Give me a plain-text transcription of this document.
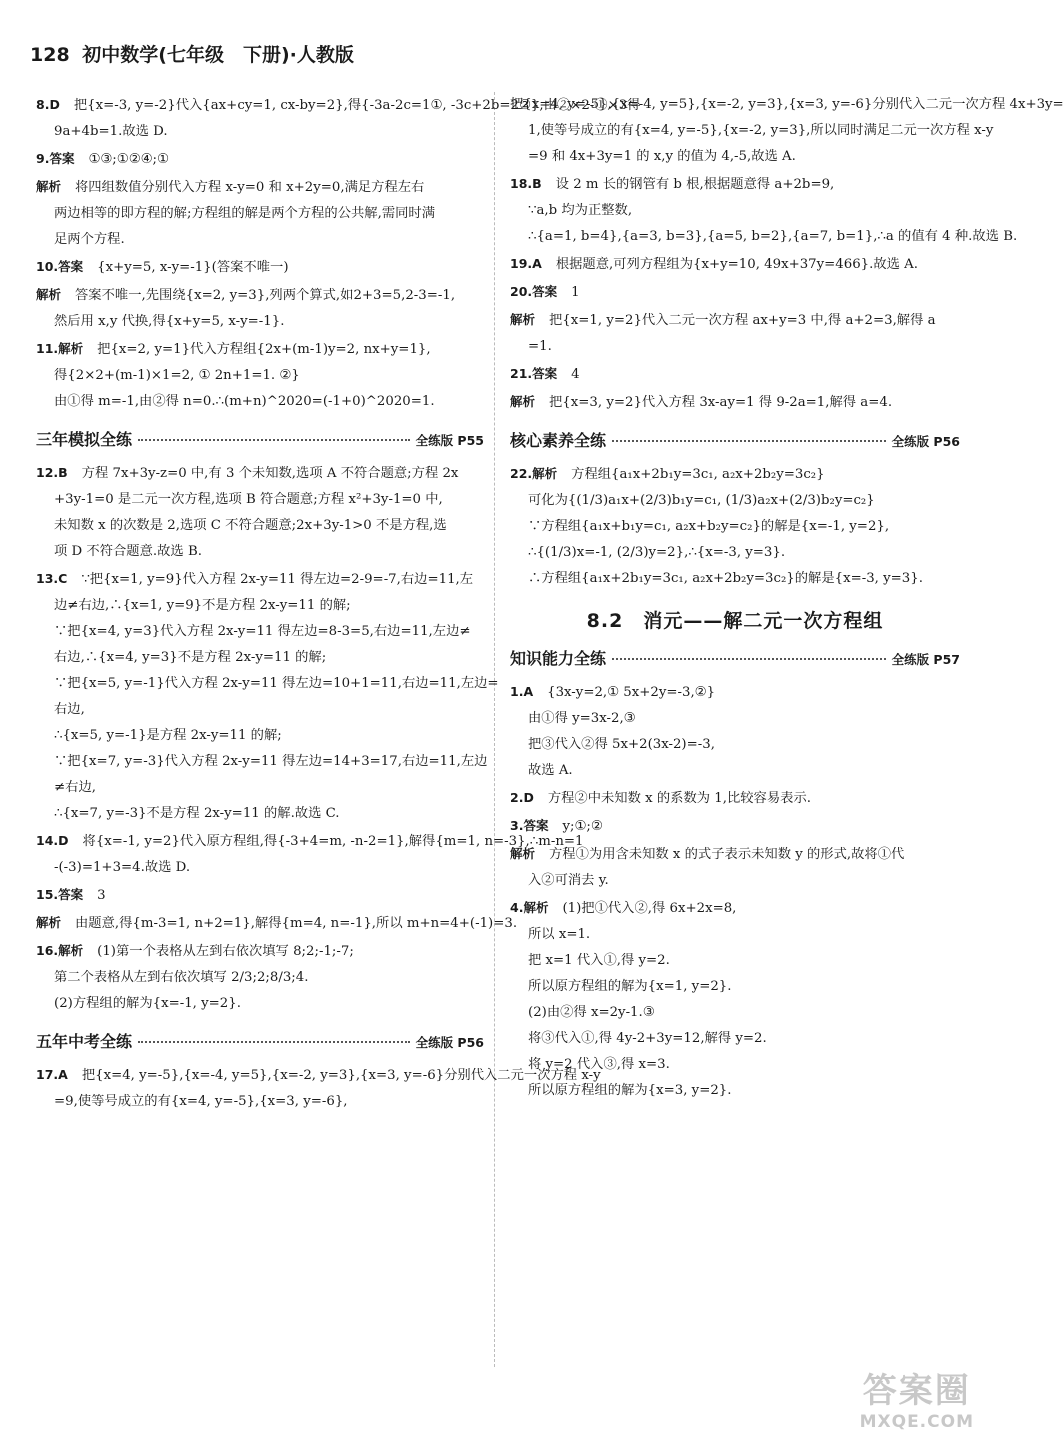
128 初中数学(七年级　下册)·人教版
8.D 把{x=-3, y=-2}代入{ax+cy=1, cx-by=2},得{-3a-2c=1①, -3c+2b=2②},由②×2-①×3得
9a+4b=1.故选 D.
9.答案 ①③;①②④;①
解析 将四组数值分别代入方程 x-y=0 和 x+2y=0,满足方程左右
两边相等的即方程的解;方程组的解是两个方程的公共解,需同时满
足两个方程.
10.答案 {x+y=5, x-y=-1}(答案不唯一)
解析 答案不唯一,先围绕{x=2, y=3},列两个算式,如2+3=5,2-3=-1,
然后用 x,y 代换,得{x+y=5, x-y=-1}.
11.解析 把{x=2, y=1}代入方程组{2x+(m-1)y=2, nx+y=1},
得{2×2+(m-1)×1=2, ① 2n+1=1. ②}
由①得 m=-1,由②得 n=0.∴(m+n)^2020=(-1+0)^2020=1.
三年模拟全练	全练版 P55
12.B 方程 7x+3y-z=0 中,有 3 个未知数,选项 A 不符合题意;方程 2x
+3y-1=0 是二元一次方程,选项 B 符合题意;方程 x²+3y-1=0 中,
未知数 x 的次数是 2,选项 C 不符合题意;2x+3y-1>0 不是方程,选
项 D 不符合题意.故选 B.
13.C ∵把{x=1, y=9}代入方程 2x-y=11 得左边=2-9=-7,右边=11,左
边≠右边,∴{x=1, y=9}不是方程 2x-y=11 的解;
∵把{x=4, y=3}代入方程 2x-y=11 得左边=8-3=5,右边=11,左边≠
右边,∴{x=4, y=3}不是方程 2x-y=11 的解;
∵把{x=5, y=-1}代入方程 2x-y=11 得左边=10+1=11,右边=11,左边=
右边,
∴{x=5, y=-1}是方程 2x-y=11 的解;
∵把{x=7, y=-3}代入方程 2x-y=11 得左边=14+3=17,右边=11,左边
≠右边,
∴{x=7, y=-3}不是方程 2x-y=11 的解.故选 C.
14.D 将{x=-1, y=2}代入原方程组,得{-3+4=m, -n-2=1},解得{m=1, n=-3},∴m-n=1
-(-3)=1+3=4.故选 D.
15.答案 3
解析 由题意,得{m-3=1, n+2=1},解得{m=4, n=-1},所以 m+n=4+(-1)=3.
16.解析 (1)第一个表格从左到右依次填写 8;2;-1;-7;
第二个表格从左到右依次填写 2/3;2;8/3;4.
(2)方程组的解为{x=-1, y=2}.
五年中考全练	全练版 P56
17.A 把{x=4, y=-5},{x=-4, y=5},{x=-2, y=3},{x=3, y=-6}分别代入二元一次方程 x-y
=9,使等号成立的有{x=4, y=-5},{x=3, y=-6},
把{x=4, y=-5},{x=-4, y=5},{x=-2, y=3},{x=3, y=-6}分别代入二元一次方程 4x+3y=
1,使等号成立的有{x=4, y=-5},{x=-2, y=3},所以同时满足二元一次方程 x-y
=9 和 4x+3y=1 的 x,y 的值为 4,-5,故选 A.
18.B 设 2 m 长的钢管有 b 根,根据题意得 a+2b=9,
∵a,b 均为正整数,
∴{a=1, b=4},{a=3, b=3},{a=5, b=2},{a=7, b=1},∴a 的值有 4 种.故选 B.
19.A 根据题意,可列方程组为{x+y=10, 49x+37y=466}.故选 A.
20.答案 1
解析 把{x=1, y=2}代入二元一次方程 ax+y=3 中,得 a+2=3,解得 a
=1.
21.答案 4
解析 把{x=3, y=2}代入方程 3x-ay=1 得 9-2a=1,解得 a=4.
核心素养全练	全练版 P56
22.解析 方程组{a₁x+2b₁y=3c₁, a₂x+2b₂y=3c₂}
可化为{(1/3)a₁x+(2/3)b₁y=c₁, (1/3)a₂x+(2/3)b₂y=c₂}
∵方程组{a₁x+b₁y=c₁, a₂x+b₂y=c₂}的解是{x=-1, y=2},
∴{(1/3)x=-1, (2/3)y=2},∴{x=-3, y=3}.
∴方程组{a₁x+2b₁y=3c₁, a₂x+2b₂y=3c₂}的解是{x=-3, y=3}.
8.2　消元——解二元一次方程组
知识能力全练	全练版 P57
1.A {3x-y=2,① 5x+2y=-3,②}
由①得 y=3x-2,③
把③代入②得 5x+2(3x-2)=-3,
故选 A.
2.D 方程②中未知数 x 的系数为 1,比较容易表示.
3.答案 y;①;②
解析 方程①为用含未知数 x 的式子表示未知数 y 的形式,故将①代
入②可消去 y.
4.解析 (1)把①代入②,得 6x+2x=8,
所以 x=1.
把 x=1 代入①,得 y=2.
所以原方程组的解为{x=1, y=2}.
(2)由②得 x=2y-1.③
将③代入①,得 4y-2+3y=12,解得 y=2.
将 y=2 代入③,得 x=3.
所以原方程组的解为{x=3, y=2}.
答案圈
MXQE.COM
